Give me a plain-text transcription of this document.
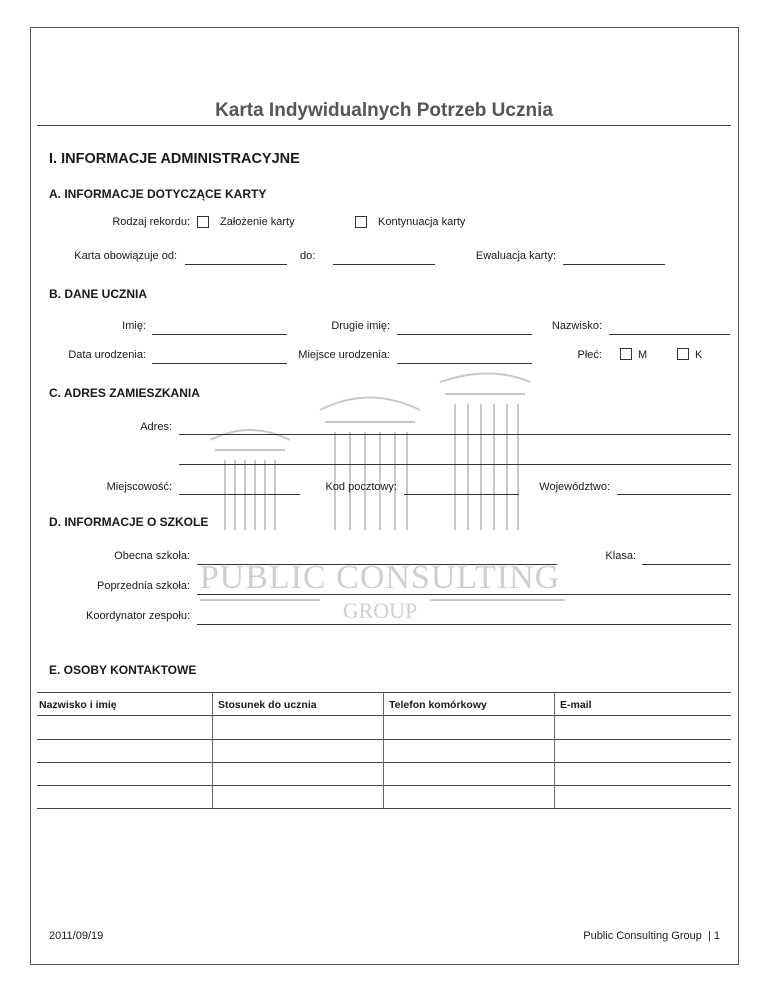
PUBLIC CONSULTING
GROUP
Karta Indywidualnych Potrzeb Ucznia
I. INFORMACJE ADMINISTRACYJNE
A. INFORMACJE DOTYCZĄCE KARTY
Rodzaj rekordu:	Założenie karty	Kontynuacja karty
Karta obowiązuje od:	do:	Ewaluacja karty:
B. DANE UCZNIA
Imię:	Drugie imię:	Nazwisko:
Data urodzenia:	Miejsce urodzenia:	Płeć:	M	K
C. ADRES ZAMIESZKANIA
Adres:
Miejscowość:	Kod pocztowy:	Województwo:
D. INFORMACJE O SZKOLE
Obecna szkoła:	Klasa:
Poprzednia szkoła:
Koordynator zespołu:
E. OSOBY KONTAKTOWE
Nazwisko i imię	Stosunek do ucznia	Telefon komórkowy	E-mail
2011/09/19	Public Consulting Group  | 1
